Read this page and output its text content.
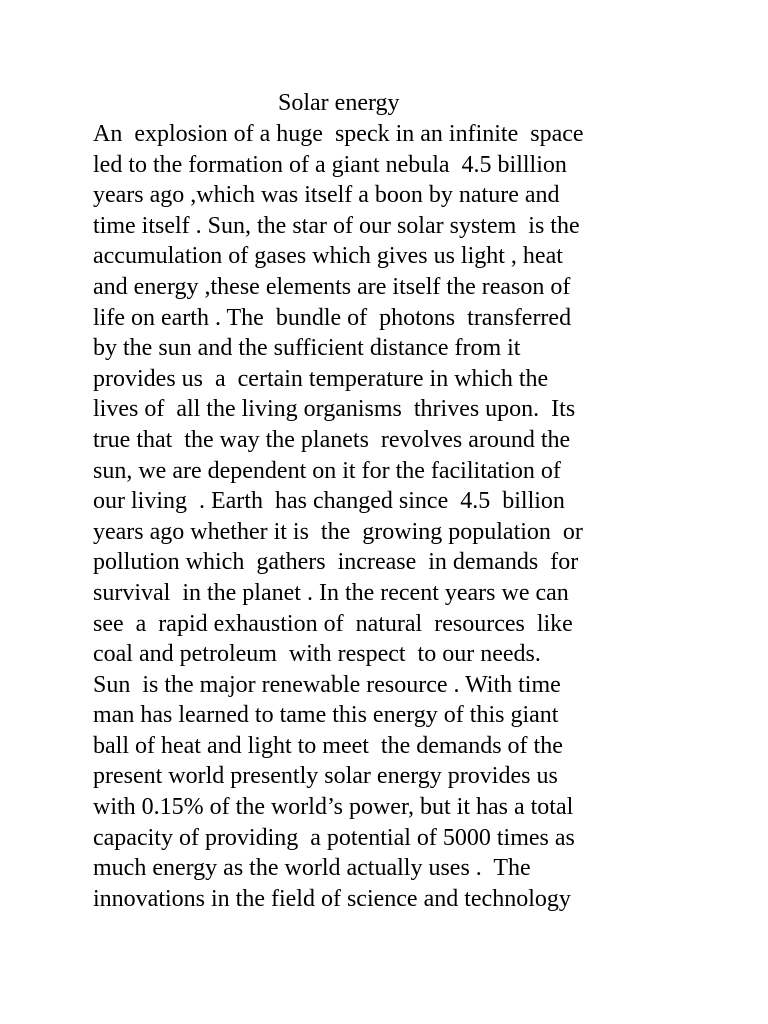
Solar energy
An  explosion of a huge  speck in an infinite  space
led to the formation of a giant nebula  4.5 billlion
years ago ,which was itself a boon by nature and
time itself . Sun, the star of our solar system  is the
accumulation of gases which gives us light , heat
and energy ,these elements are itself the reason of
life on earth . The  bundle of  photons  transferred
by the sun and the sufficient distance from it
provides us  a  certain temperature in which the
lives of  all the living organisms  thrives upon.  Its
true that  the way the planets  revolves around the
sun, we are dependent on it for the facilitation of
our living  . Earth  has changed since  4.5  billion
years ago whether it is  the  growing population  or
pollution which  gathers  increase  in demands  for
survival  in the planet . In the recent years we can
see  a  rapid exhaustion of  natural  resources  like
coal and petroleum  with respect  to our needs.
Sun  is the major renewable resource . With time
man has learned to tame this energy of this giant
ball of heat and light to meet  the demands of the
present world presently solar energy provides us
with 0.15% of the world’s power, but it has a total
capacity of providing  a potential of 5000 times as
much energy as the world actually uses .  The
innovations in the field of science and technology
